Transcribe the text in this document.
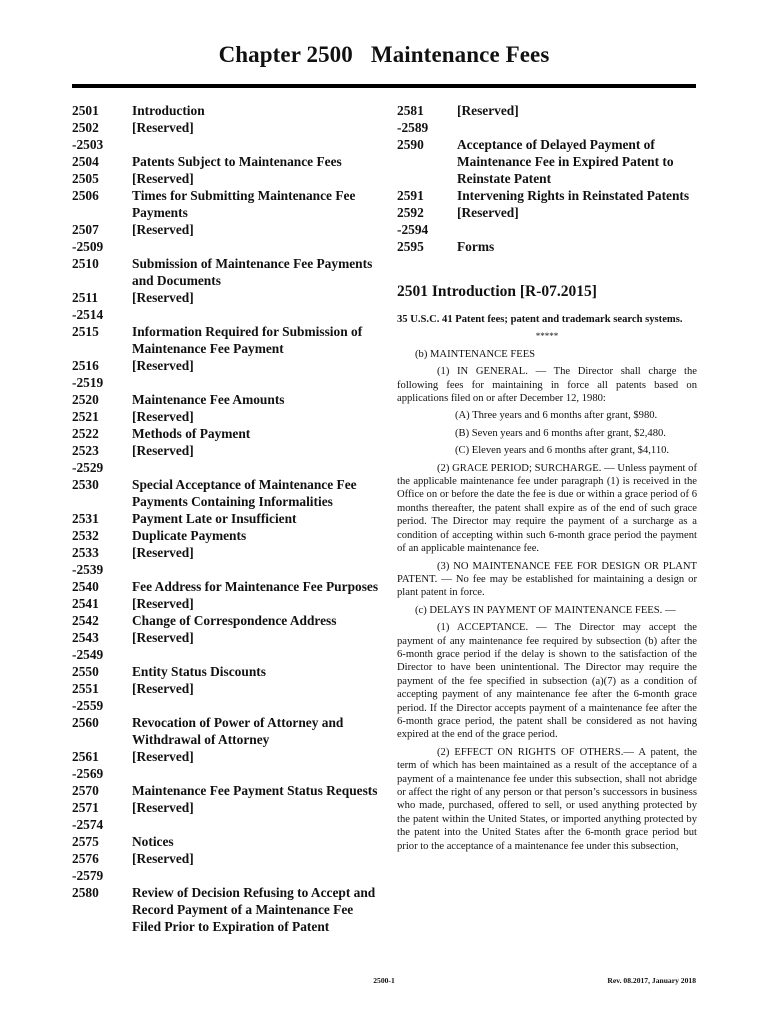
Chapter 2500 Maintenance Fees
2501	Introduction
2502	[Reserved]
-2503
2504	Patents Subject to Maintenance Fees
2505	[Reserved]
2506	Times for Submitting Maintenance Fee Payments
2507	[Reserved]
-2509
2510	Submission of Maintenance Fee Payments and Documents
2511	[Reserved]
-2514
2515	Information Required for Submission of Maintenance Fee Payment
2516	[Reserved]
-2519
2520	Maintenance Fee Amounts
2521	[Reserved]
2522	Methods of Payment
2523	[Reserved]
-2529
2530	Special Acceptance of Maintenance Fee Payments Containing Informalities
2531	Payment Late or Insufficient
2532	Duplicate Payments
2533	[Reserved]
-2539
2540	Fee Address for Maintenance Fee Purposes
2541	[Reserved]
2542	Change of Correspondence Address
2543	[Reserved]
-2549
2550	Entity Status Discounts
2551	[Reserved]
-2559
2560	Revocation of Power of Attorney and Withdrawal of Attorney
2561	[Reserved]
-2569
2570	Maintenance Fee Payment Status Requests
2571	[Reserved]
-2574
2575	Notices
2576	[Reserved]
-2579
2580	Review of Decision Refusing to Accept and Record Payment of a Maintenance Fee Filed Prior to Expiration of Patent
2581	[Reserved]
-2589
2590	Acceptance of Delayed Payment of Maintenance Fee in Expired Patent to Reinstate Patent
2591	Intervening Rights in Reinstated Patents
2592	[Reserved]
-2594
2595	Forms
2501 Introduction [R-07.2015]

35 U.S.C. 41 Patent fees; patent and trademark search systems.

*****

(b) MAINTENANCE FEES

(1) IN GENERAL. — The Director shall charge the following fees for maintaining in force all patents based on applications filed on or after December 12, 1980:

(A) Three years and 6 months after grant, $980.

(B) Seven years and 6 months after grant, $2,480.

(C) Eleven years and 6 months after grant, $4,110.

(2) GRACE PERIOD; SURCHARGE. — Unless payment of the applicable maintenance fee under paragraph (1) is received in the Office on or before the date the fee is due or within a grace period of 6 months thereafter, the patent shall expire as of the end of such grace period. The Director may require the payment of a surcharge as a condition of accepting within such 6-month grace period the payment of an applicable maintenance fee.

(3) NO MAINTENANCE FEE FOR DESIGN OR PLANT PATENT. — No fee may be established for maintaining a design or plant patent in force.

(c) DELAYS IN PAYMENT OF MAINTENANCE FEES. —

(1) ACCEPTANCE. — The Director may accept the payment of any maintenance fee required by subsection (b) after the 6-month grace period if the delay is shown to the satisfaction of the Director to have been unintentional. The Director may require the payment of the fee specified in subsection (a)(7) as a condition of accepting payment of any maintenance fee after the 6-month grace period. If the Director accepts payment of a maintenance fee after the 6-month grace period, the patent shall be considered as not having expired at the end of the grace period.

(2) EFFECT ON RIGHTS OF OTHERS.— A patent, the term of which has been maintained as a result of the acceptance of a payment of a maintenance fee under this subsection, shall not abridge or affect the right of any person or that person’s successors in business who made, purchased, offered to sell, or used anything protected by the patent within the United States, or imported anything protected by the patent into the United States after the 6-month grace period but prior to the acceptance of a maintenance fee under this subsection,

2500-1	Rev. 08.2017, January 2018
